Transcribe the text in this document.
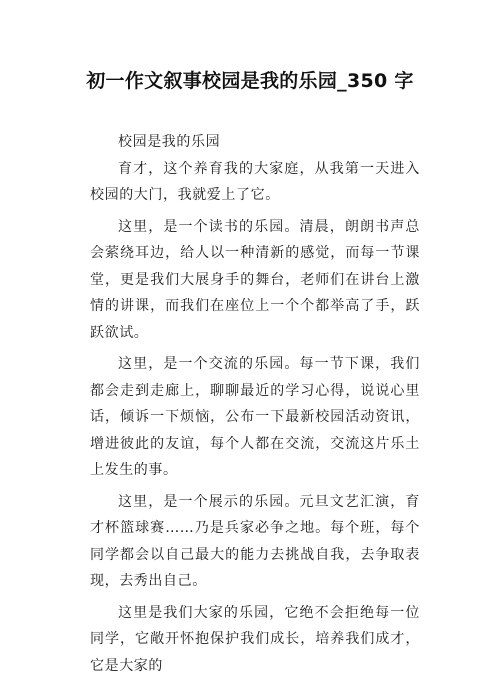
初一作文叙事校园是我的乐园_350 字

校园是我的乐园

育才，这个养育我的大家庭，从我第一天进入校园的大门，我就爱上了它。

这里，是一个读书的乐园。清晨，朗朗书声总会萦绕耳边，给人以一种清新的感觉，而每一节课堂，更是我们大展身手的舞台，老师们在讲台上激情的讲课，而我们在座位上一个个都举高了手，跃跃欲试。

这里，是一个交流的乐园。每一节下课，我们都会走到走廊上，聊聊最近的学习心得，说说心里话，倾诉一下烦恼，公布一下最新校园活动资讯，增进彼此的友谊，每个人都在交流，交流这片乐土上发生的事。

这里，是一个展示的乐园。元旦文艺汇演，育才杯篮球赛……乃是兵家必争之地。每个班，每个同学都会以自己最大的能力去挑战自我，去争取表现，去秀出自己。

这里是我们大家的乐园，它绝不会拒绝每一位同学，它敞开怀抱保护我们成长，培养我们成才，它是大家的
